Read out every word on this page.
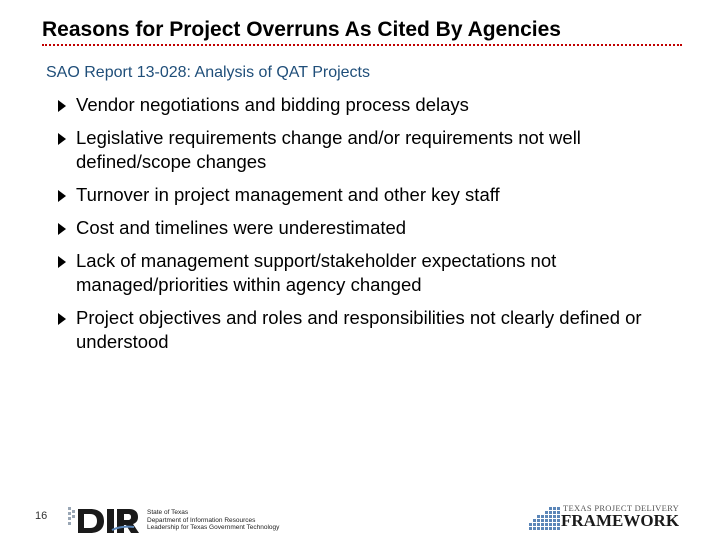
Reasons for Project Overruns As Cited By Agencies
SAO Report 13-028: Analysis of QAT Projects
Vendor negotiations and bidding process delays
Legislative requirements change and/or requirements not well defined/scope changes
Turnover in project management and other key staff
Cost and timelines were underestimated
Lack of management support/stakeholder expectations not managed/priorities within agency changed
Project objectives and roles and responsibilities not clearly defined or understood
16	State of Texas
Department of Information Resources
Leadership for Texas Government Technology
TEXAS PROJECT DELIVERY
FRAMEWORK
